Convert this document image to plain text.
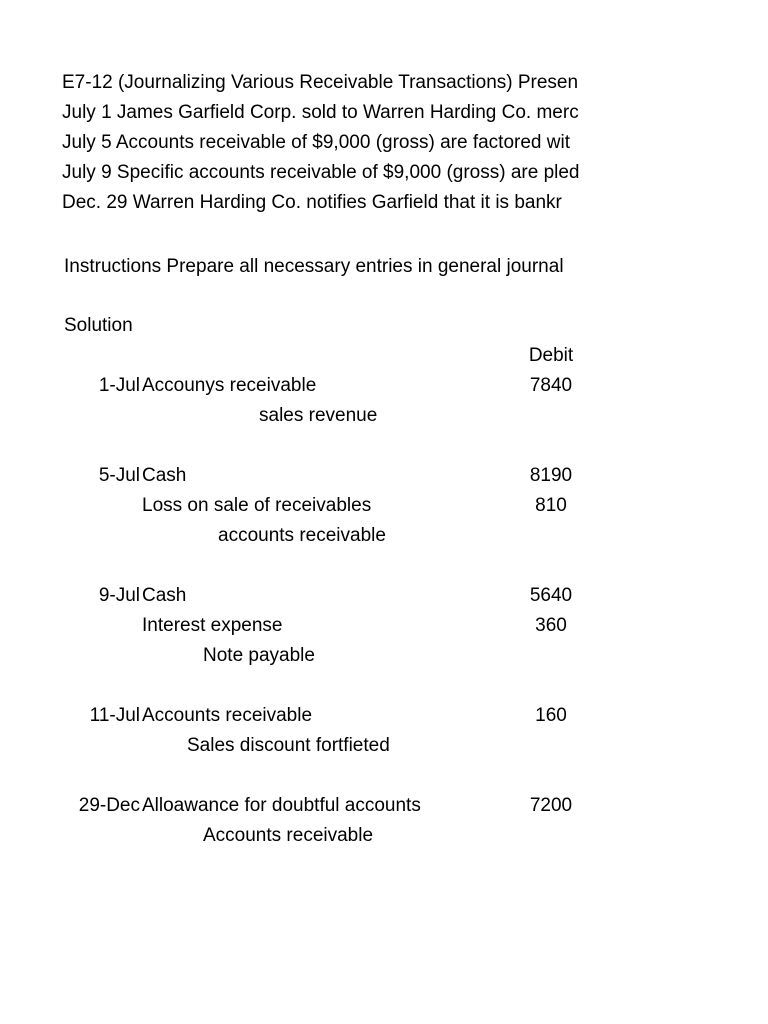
E7-12 (Journalizing Various Receivable Transactions) Presen
July 1 James Garfield Corp. sold to Warren Harding Co. merc
July 5 Accounts receivable of $9,000 (gross) are factored wit
July 9 Specific accounts receivable of $9,000 (gross) are pled
Dec. 29 Warren Harding Co. notifies Garfield that it is bankr
Instructions Prepare all necessary entries in general journal
Solution
Debit
1-Jul Accounys receivable	7840
sales revenue
5-Jul Cash	8190
Loss on sale of receivables	810
accounts receivable
9-Jul Cash	5640
Interest expense	360
Note payable
11-Jul Accounts receivable	160
Sales discount fortfieted
29-Dec Alloawance for doubtful accounts	7200
Accounts receivable
